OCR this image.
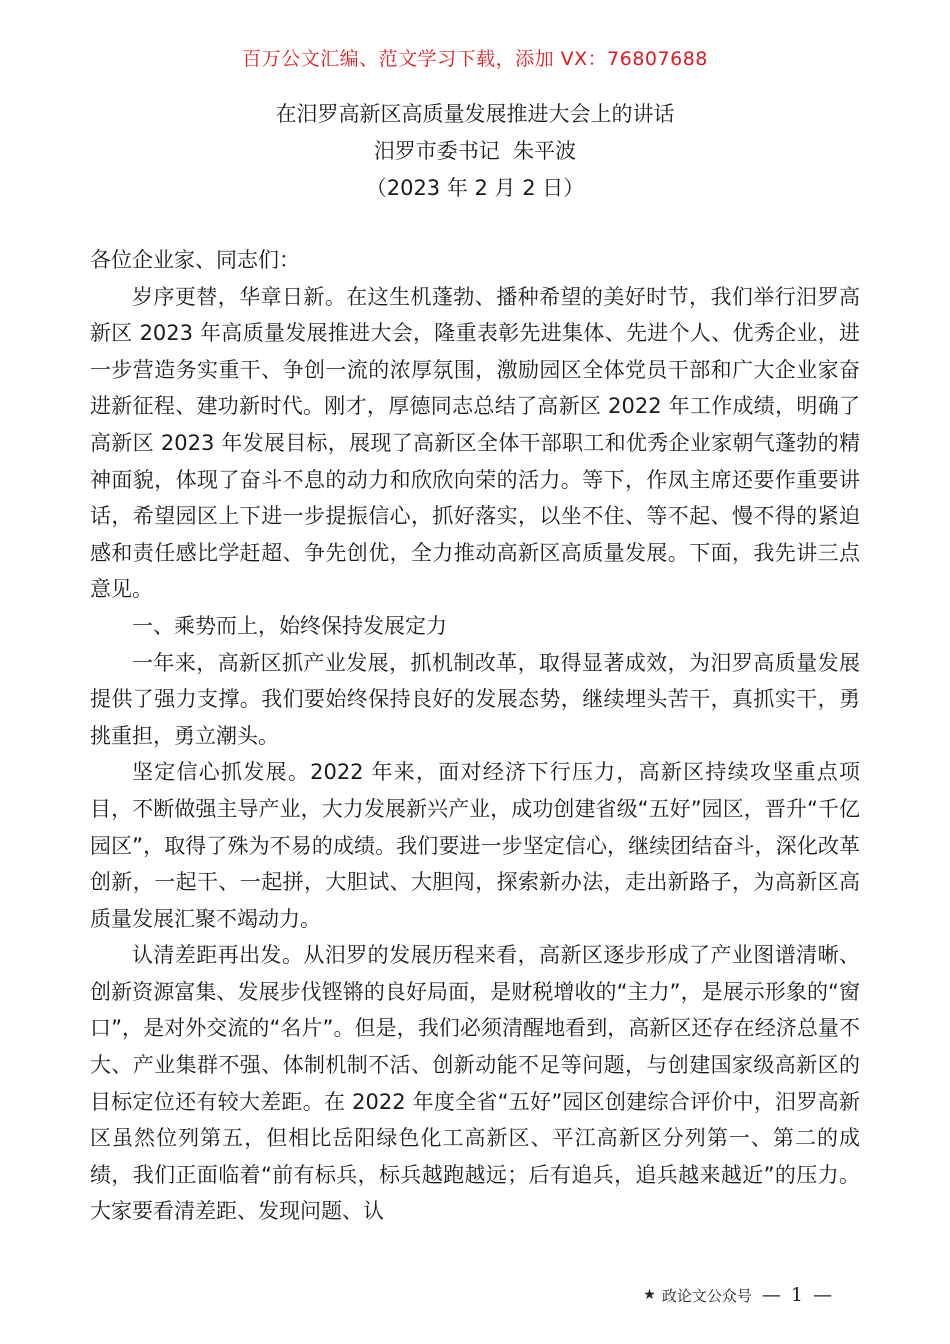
百万公文汇编、范文学习下载，添加 VX：76807688
在汨罗高新区高质量发展推进大会上的讲话
汨罗市委书记  朱平波
（2023 年 2 月 2 日）

各位企业家、同志们：

岁序更替，华章日新。在这生机蓬勃、播种希望的美好时节，我们举行汨罗高新区 2023 年高质量发展推进大会，隆重表彰先进集体、先进个人、优秀企业，进一步营造务实重干、争创一流的浓厚氛围，激励园区全体党员干部和广大企业家奋进新征程、建功新时代。刚才，厚德同志总结了高新区 2022 年工作成绩，明确了高新区 2023 年发展目标，展现了高新区全体干部职工和优秀企业家朝气蓬勃的精神面貌，体现了奋斗不息的动力和欣欣向荣的活力。等下，作凤主席还要作重要讲话，希望园区上下进一步提振信心，抓好落实，以坐不住、等不起、慢不得的紧迫感和责任感比学赶超、争先创优，全力推动高新区高质量发展。下面，我先讲三点意见。

一、乘势而上，始终保持发展定力

一年来，高新区抓产业发展，抓机制改革，取得显著成效，为汨罗高质量发展提供了强力支撑。我们要始终保持良好的发展态势，继续埋头苦干，真抓实干，勇挑重担，勇立潮头。

坚定信心抓发展。2022 年来，面对经济下行压力，高新区持续攻坚重点项目，不断做强主导产业，大力发展新兴产业，成功创建省级“五好”园区，晋升“千亿园区”，取得了殊为不易的成绩。我们要进一步坚定信心，继续团结奋斗，深化改革创新，一起干、一起拼，大胆试、大胆闯，探索新办法，走出新路子，为高新区高质量发展汇聚不竭动力。

认清差距再出发。从汨罗的发展历程来看，高新区逐步形成了产业图谱清晰、创新资源富集、发展步伐铿锵的良好局面，是财税增收的“主力”，是展示形象的“窗口”，是对外交流的“名片”。但是，我们必须清醒地看到，高新区还存在经济总量不大、产业集群不强、体制机制不活、创新动能不足等问题，与创建国家级高新区的目标定位还有较大差距。在 2022 年度全省“五好”园区创建综合评价中，汨罗高新区虽然位列第五，但相比岳阳绿色化工高新区、平江高新区分列第一、第二的成绩，我们正面临着“前有标兵，标兵越跑越远；后有追兵，追兵越来越近”的压力。大家要看清差距、发现问题、认

★ 政论文公众号 — 1 —
